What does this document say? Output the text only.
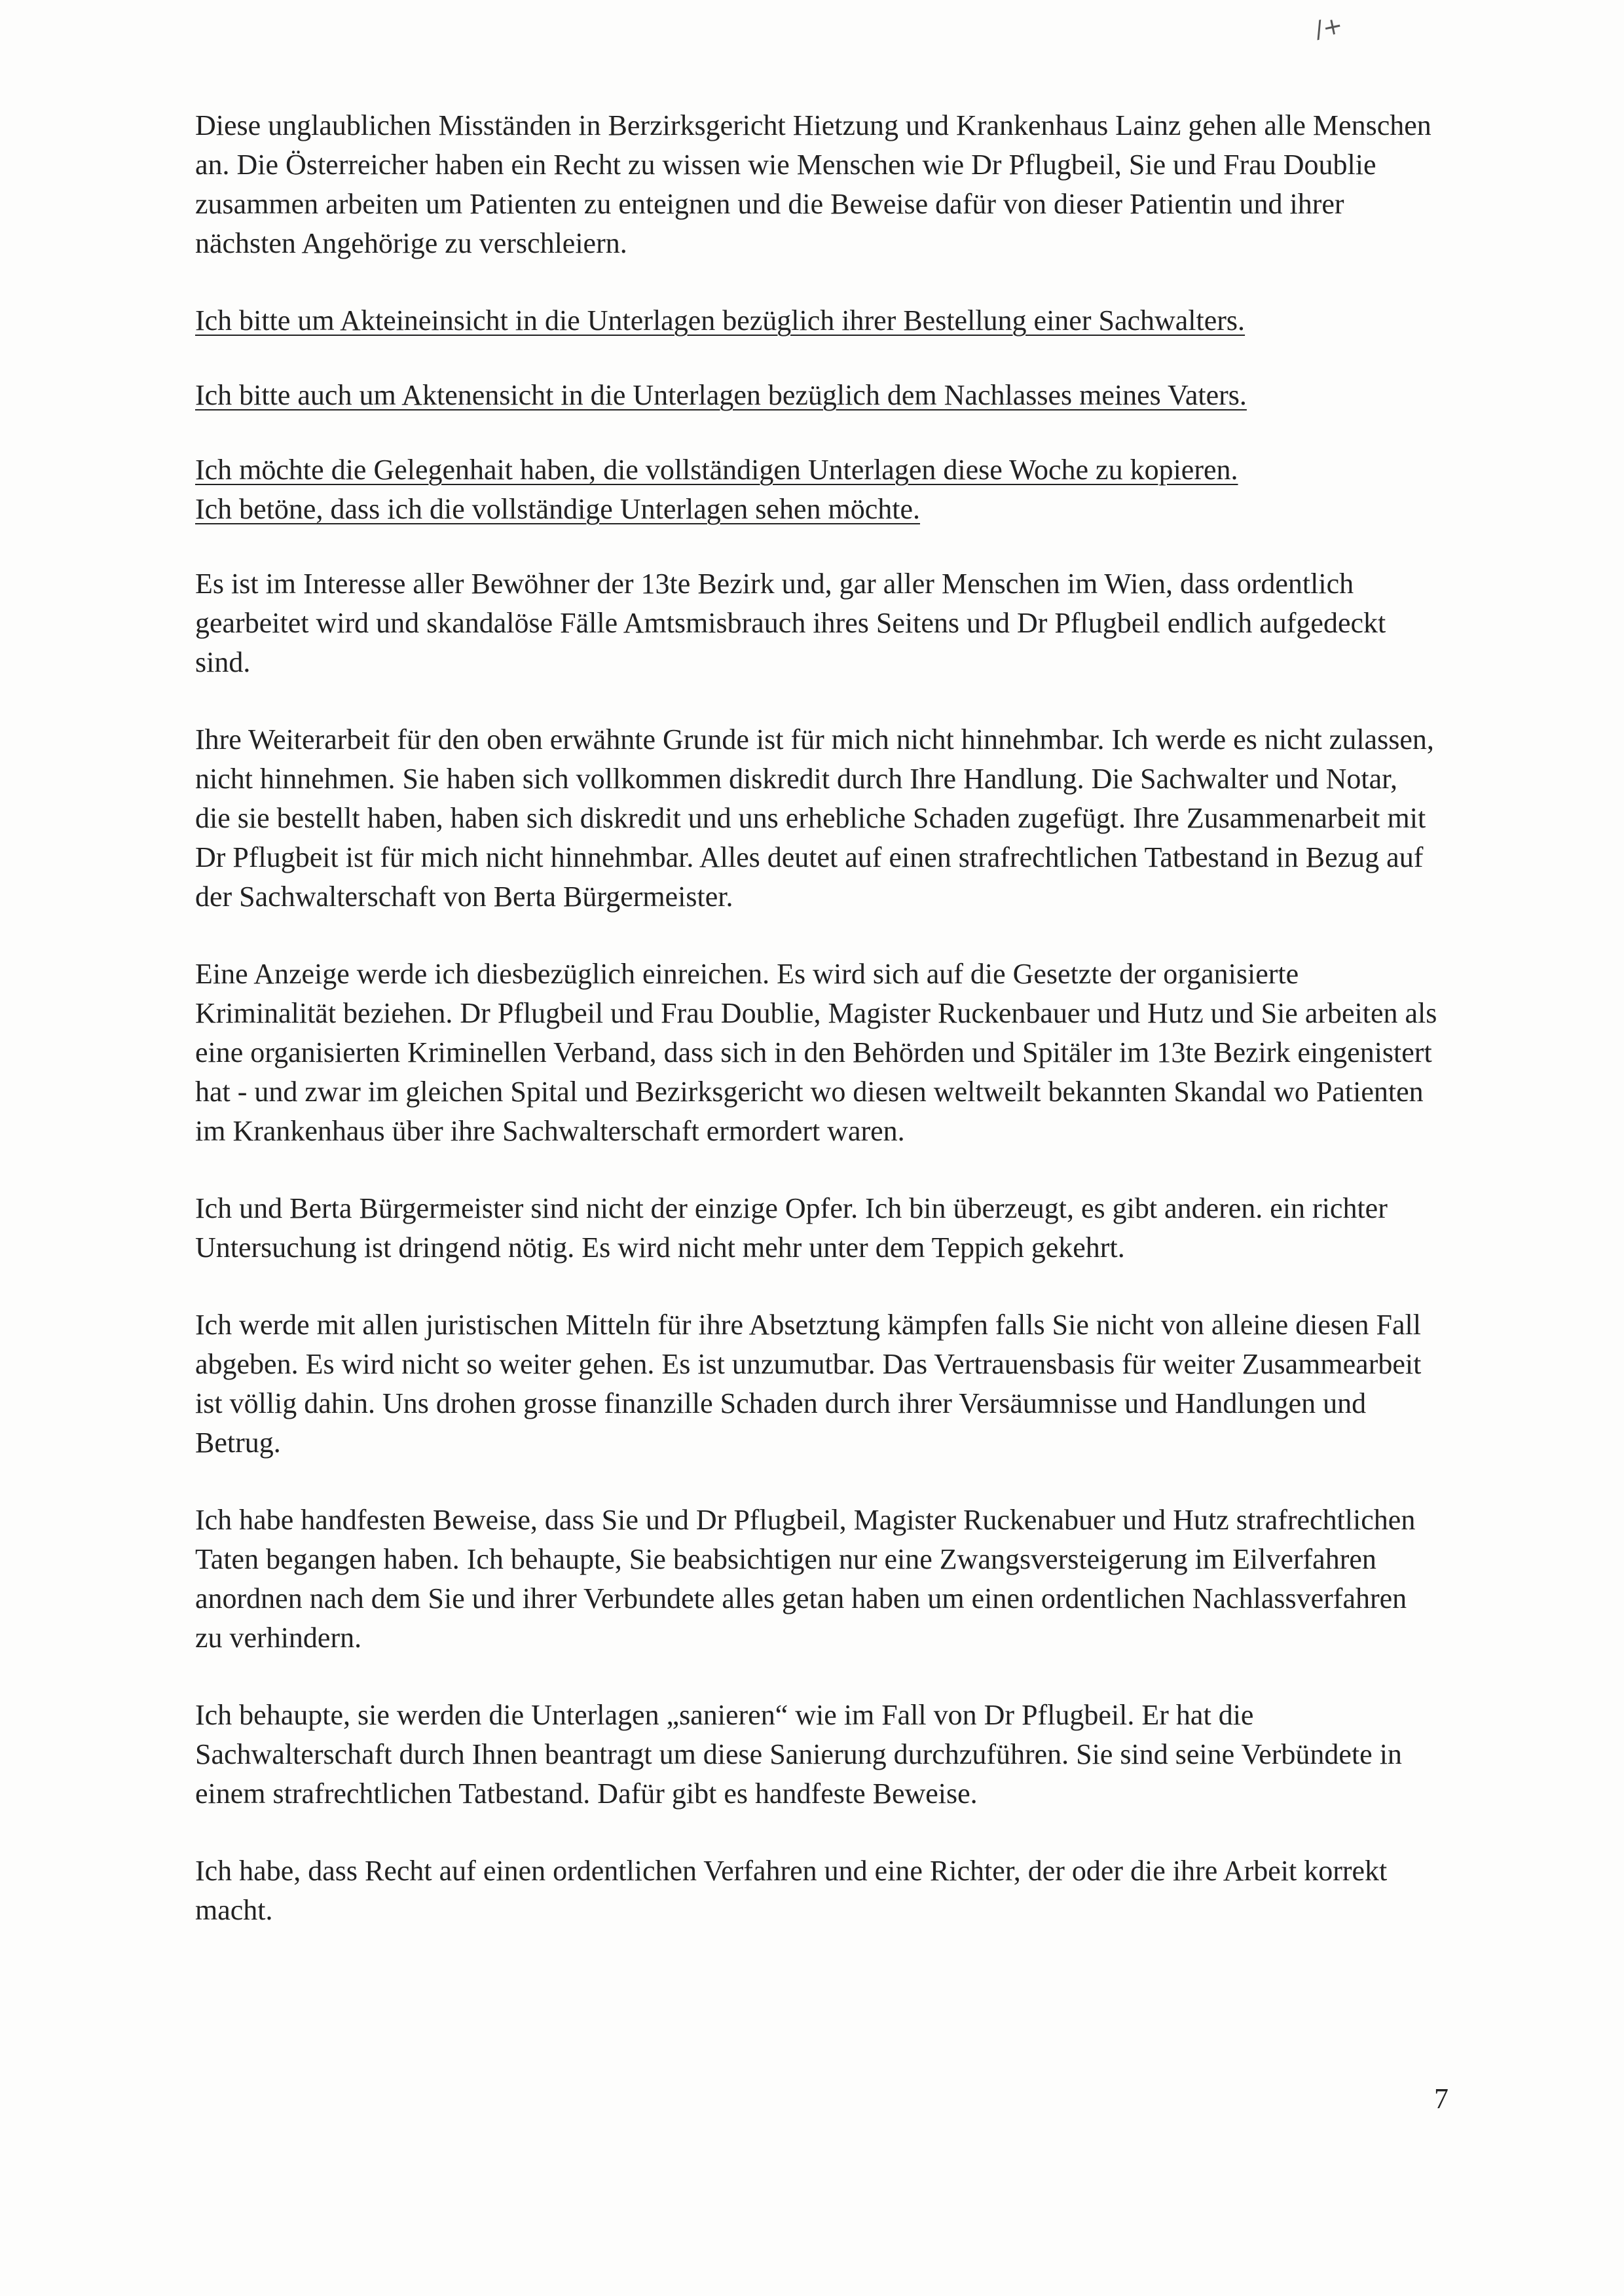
/+

Diese unglaublichen Misständen in Berzirksgericht Hietzung und Krankenhaus Lainz gehen alle Menschen an. Die Österreicher haben ein Recht zu wissen wie Menschen wie Dr Pflugbeil, Sie und Frau Doublie zusammen arbeiten um Patienten zu enteignen und die Beweise dafür von dieser Patientin und ihrer nächsten Angehörige zu verschleiern.

Ich bitte um Akteineinsicht in die Unterlagen bezüglich ihrer Bestellung einer Sachwalters.

Ich bitte auch um Aktenensicht in die Unterlagen bezüglich dem Nachlasses meines Vaters.

Ich möchte die Gelegenhait haben, die vollständigen Unterlagen diese Woche zu kopieren.

Ich betöne, dass ich die vollständige Unterlagen sehen möchte.

Es ist im Interesse aller Bewöhner der 13te Bezirk und, gar aller Menschen im Wien, dass ordentlich gearbeitet wird und skandalöse Fälle Amtsmisbrauch ihres Seitens und Dr Pflugbeil endlich aufgedeckt sind.

Ihre Weiterarbeit für den oben erwähnte Grunde ist für mich nicht hinnehmbar. Ich werde es nicht zulassen, nicht hinnehmen. Sie haben sich vollkommen diskredit durch Ihre Handlung. Die Sachwalter und Notar, die sie bestellt haben, haben sich diskredit und uns erhebliche Schaden zugefügt. Ihre Zusammenarbeit mit Dr Pflugbeit ist für mich nicht hinnehmbar. Alles deutet auf einen strafrechtlichen Tatbestand in Bezug auf der Sachwalterschaft von Berta Bürgermeister.

Eine Anzeige werde ich diesbezüglich einreichen. Es wird sich auf die Gesetzte der organisierte Kriminalität beziehen. Dr Pflugbeil und Frau Doublie, Magister Ruckenbauer und Hutz und Sie arbeiten als eine organisierten Kriminellen Verband, dass sich in den Behörden und Spitäler im 13te Bezirk eingenistert hat - und zwar im gleichen Spital und Bezirksgericht wo diesen weltweilt bekannten Skandal wo Patienten im Krankenhaus über ihre Sachwalterschaft ermordert waren.

Ich und Berta Bürgermeister sind nicht der einzige Opfer. Ich bin überzeugt, es gibt anderen. ein richter Untersuchung ist dringend nötig. Es wird nicht mehr unter dem Teppich gekehrt.

Ich werde mit allen juristischen Mitteln für ihre Absetztung kämpfen falls Sie nicht von alleine diesen Fall abgeben. Es wird nicht so weiter gehen. Es ist unzumutbar. Das Vertrauensbasis für weiter Zusammearbeit ist völlig dahin. Uns drohen grosse finanzille Schaden durch ihrer Versäumnisse und Handlungen und Betrug.

Ich habe handfesten Beweise, dass Sie und Dr Pflugbeil, Magister Ruckenabuer und Hutz strafrechtlichen Taten begangen haben. Ich behaupte, Sie beabsichtigen nur eine Zwangsversteigerung im Eilverfahren anordnen nach dem Sie und ihrer Verbundete alles getan haben um einen ordentlichen Nachlassverfahren zu verhindern.

Ich behaupte, sie werden die Unterlagen „sanieren“ wie im Fall von Dr Pflugbeil. Er hat die Sachwalterschaft durch Ihnen beantragt um diese Sanierung durchzuführen. Sie sind seine Verbündete in einem strafrechtlichen Tatbestand. Dafür gibt es handfeste Beweise.

Ich habe, dass Recht auf einen ordentlichen Verfahren und eine Richter, der oder die ihre Arbeit korrekt macht.

7
